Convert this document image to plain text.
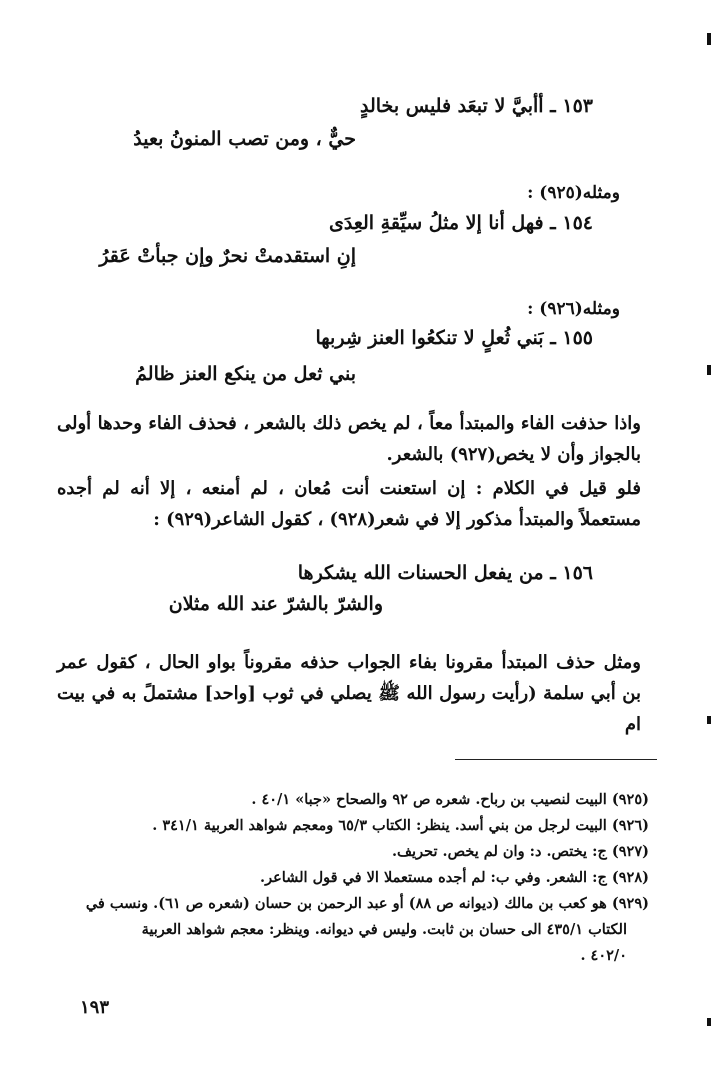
١٥٣ ـ أأبيَّ لا تبعَد فليس بخالدٍ
حيٌّ ، ومن تصب المنونُ بعيدُ
ومثله(٩٢٥) :
١٥٤ ـ فهل أنا إلا مثلُ سيِّقةِ العِدَى
إنِ استقدمتْ نحرٌ وإن جبأتْ عَقرُ
ومثله(٩٢٦) :
١٥٥ ـ بَني ثُعلٍ لا تنكعُوا العنز شِربها
بني ثعل من ينكع العنز ظالمُ
واذا حذفت الفاء والمبتدأ معاً ، لم يخص ذلك بالشعر ، فحذف الفاء وحدها أولى بالجواز وأن لا يخص(٩٢٧) بالشعر.
فلو قيل في الكلام : إن استعنت أنت مُعان ، لم أمنعه ، إلا أنه لم أجده مستعملاً والمبتدأ مذكور إلا في شعر(٩٢٨) ، كقول الشاعر(٩٢٩) :
١٥٦ ـ من يفعل الحسنات الله يشكرها
والشرّ بالشرّ عند الله مثلان
ومثل حذف المبتدأ مقرونا بفاء الجواب حذفه مقروناً بواو الحال ، كقول عمر بن أبي سلمة (رأيت رسول الله ﷺ يصلي في ثوب [واحد] مشتملً به في بيت ام
(٩٢٥) البيت لنصيب بن رباح. شعره ص ٩٢ والصحاح «جبا» ٤٠/١ .
(٩٢٦) البيت لرجل من بني أسد. ينظر: الكتاب ٦٥/٣ ومعجم شواهد العربية ٣٤١/١ .
(٩٢٧) ج: يختص. د: وان لم يخص. تحريف.
(٩٢٨) ج: الشعر. وفي ب: لم أجده مستعملا الا في قول الشاعر.
(٩٢٩) هو كعب بن مالك (ديوانه ص ٨٨) أو عبد الرحمن بن حسان (شعره ص ٦١). ونسب في
الكتاب ٤٣٥/١ الى حسان بن ثابت. وليس في ديوانه. وينظر: معجم شواهد العربية
٤٠٢/٠ .
١٩٣
